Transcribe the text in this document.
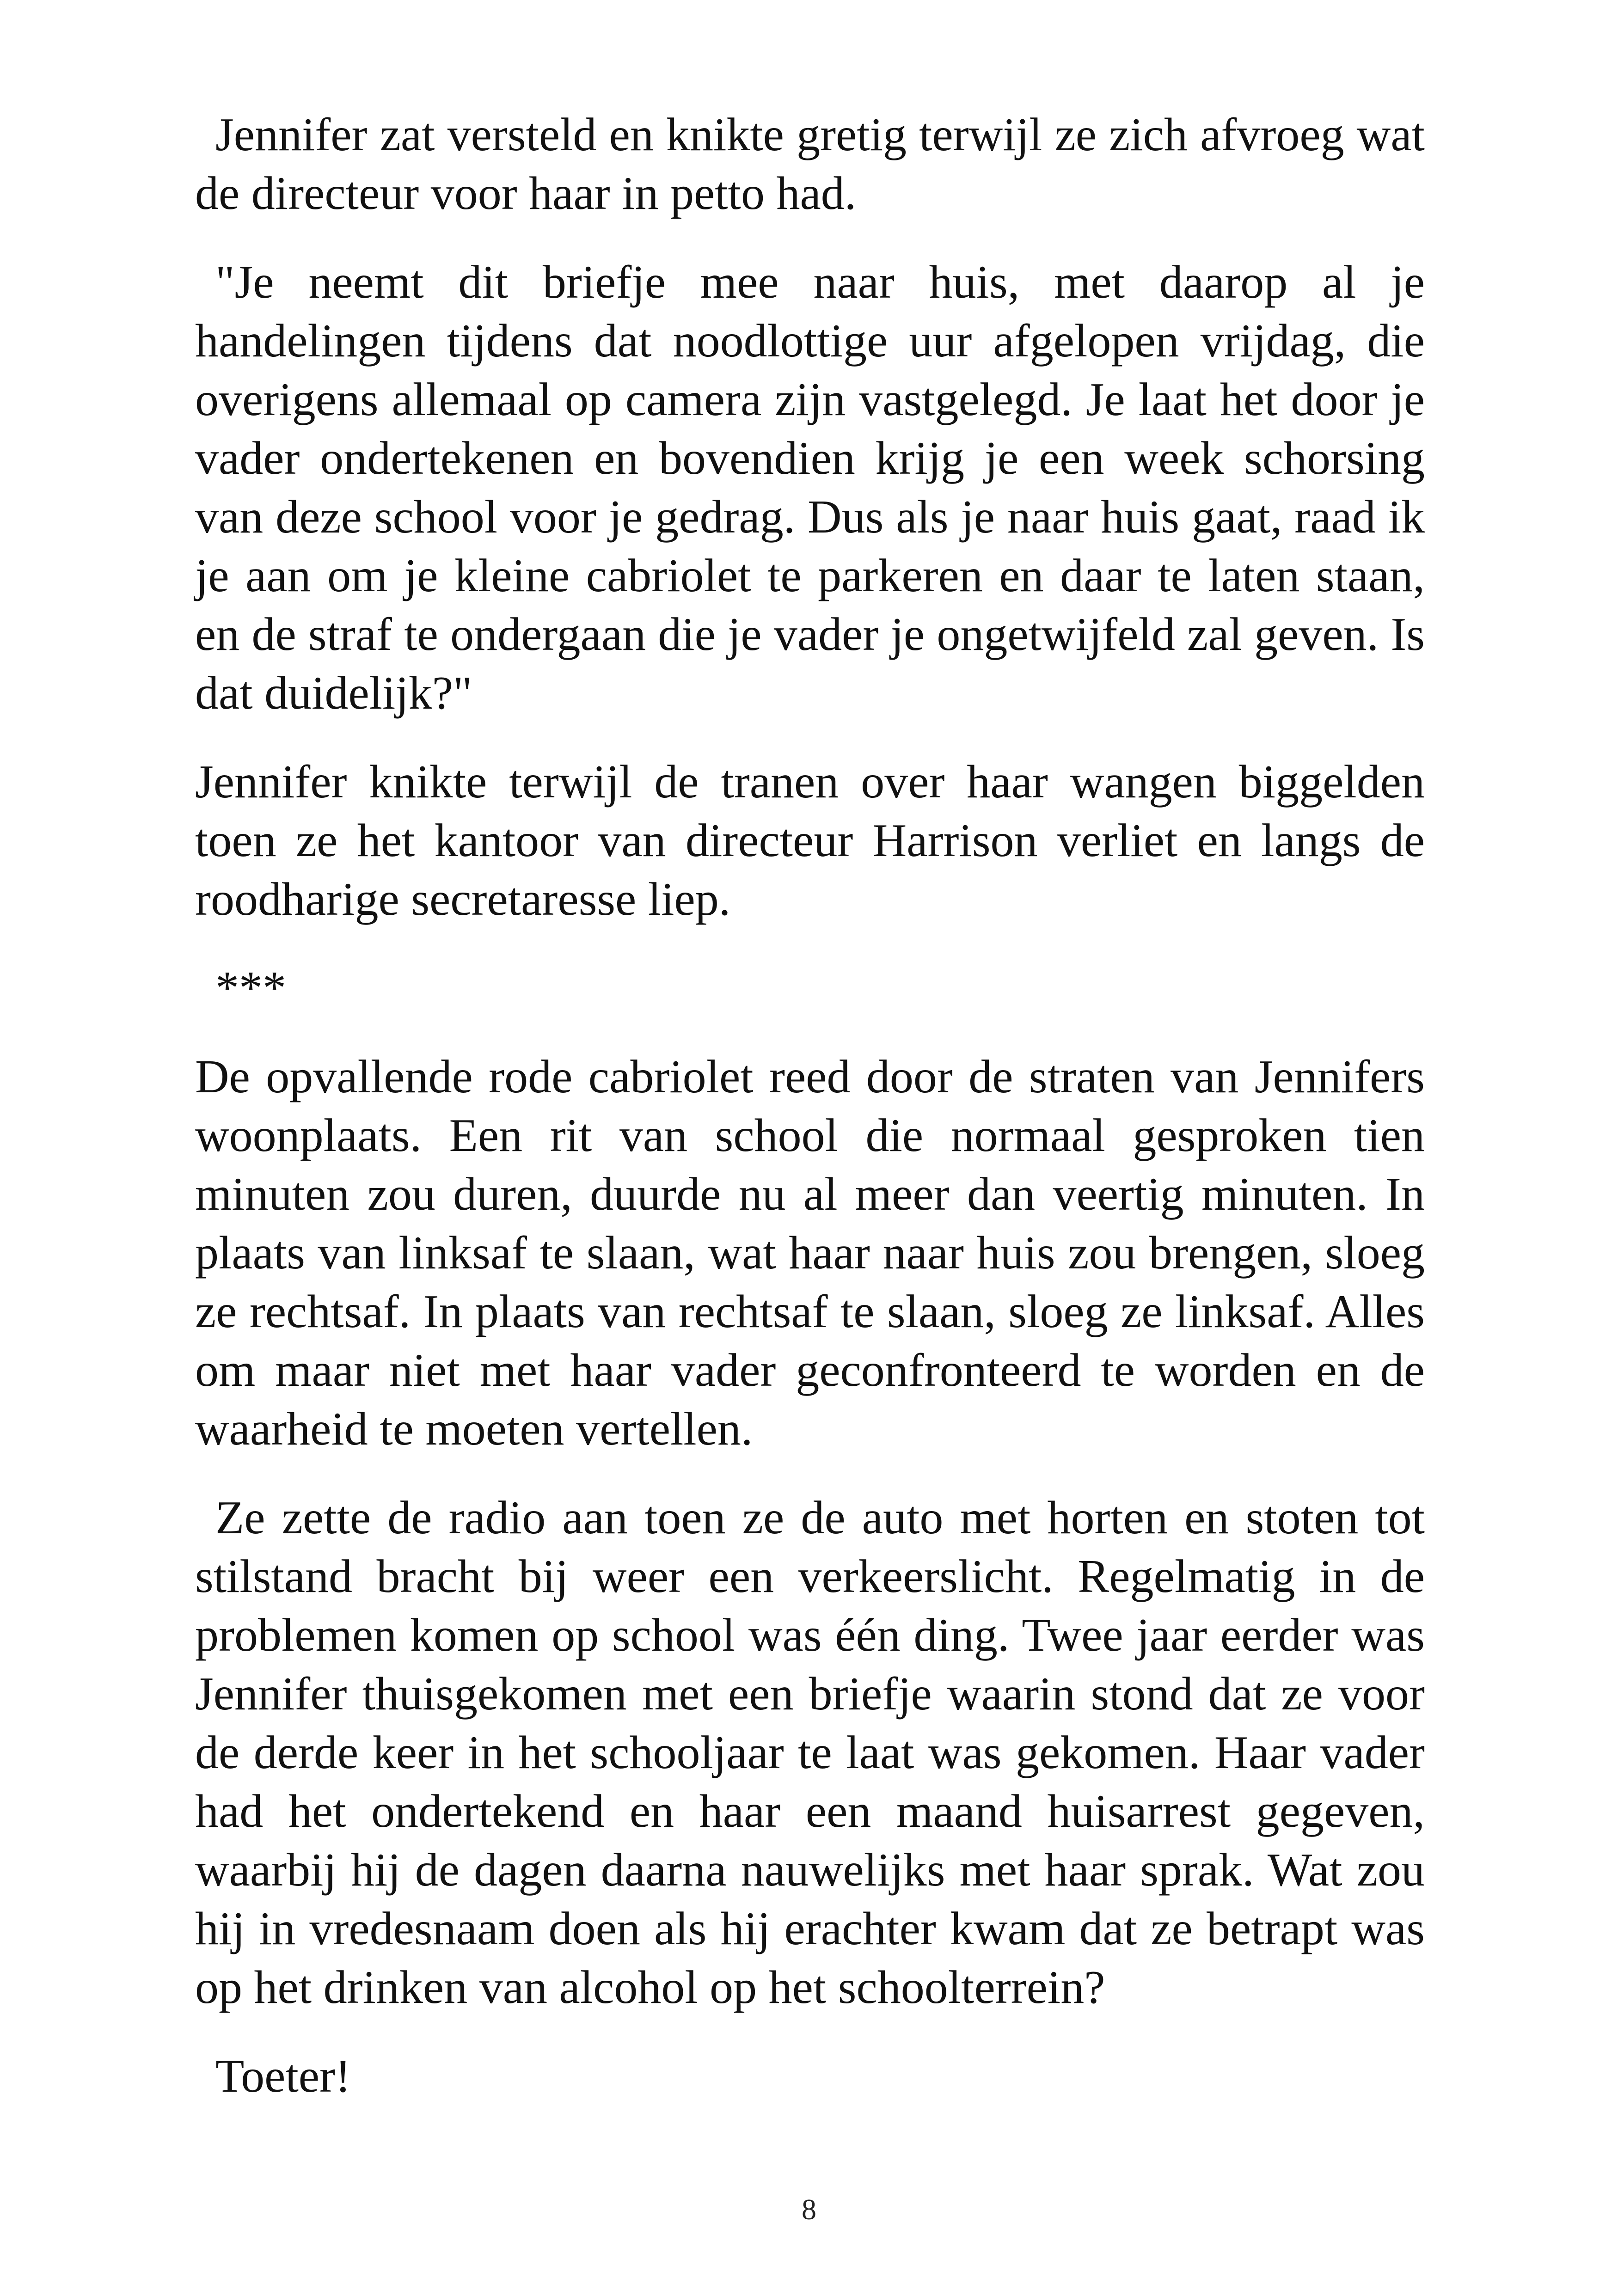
Jennifer zat versteld en knikte gretig terwijl ze zich afvroeg wat de directeur voor haar in petto had.

"Je neemt dit briefje mee naar huis, met daarop al je handelingen tijdens dat noodlottige uur afgelopen vrijdag, die overigens allemaal op camera zijn vastgelegd. Je laat het door je vader ondertekenen en bovendien krijg je een week schorsing van deze school voor je gedrag. Dus als je naar huis gaat, raad ik je aan om je kleine cabriolet te parkeren en daar te laten staan, en de straf te ondergaan die je vader je ongetwijfeld zal geven. Is dat duidelijk?"

Jennifer knikte terwijl de tranen over haar wangen biggelden toen ze het kantoor van directeur Harrison verliet en langs de roodharige secretaresse liep.

***

De opvallende rode cabriolet reed door de straten van Jennifers woonplaats. Een rit van school die normaal gesproken tien minuten zou duren, duurde nu al meer dan veertig minuten. In plaats van linksaf te slaan, wat haar naar huis zou brengen, sloeg ze rechtsaf. In plaats van rechtsaf te slaan, sloeg ze linksaf. Alles om maar niet met haar vader geconfronteerd te worden en de waarheid te moeten vertellen.

Ze zette de radio aan toen ze de auto met horten en stoten tot stilstand bracht bij weer een verkeerslicht. Regelmatig in de problemen komen op school was één ding. Twee jaar eerder was Jennifer thuisgekomen met een briefje waarin stond dat ze voor de derde keer in het schooljaar te laat was gekomen. Haar vader had het ondertekend en haar een maand huisarrest gegeven, waarbij hij de dagen daarna nauwelijks met haar sprak. Wat zou hij in vredesnaam doen als hij erachter kwam dat ze betrapt was op het drinken van alcohol op het schoolterrein?

Toeter!

8
